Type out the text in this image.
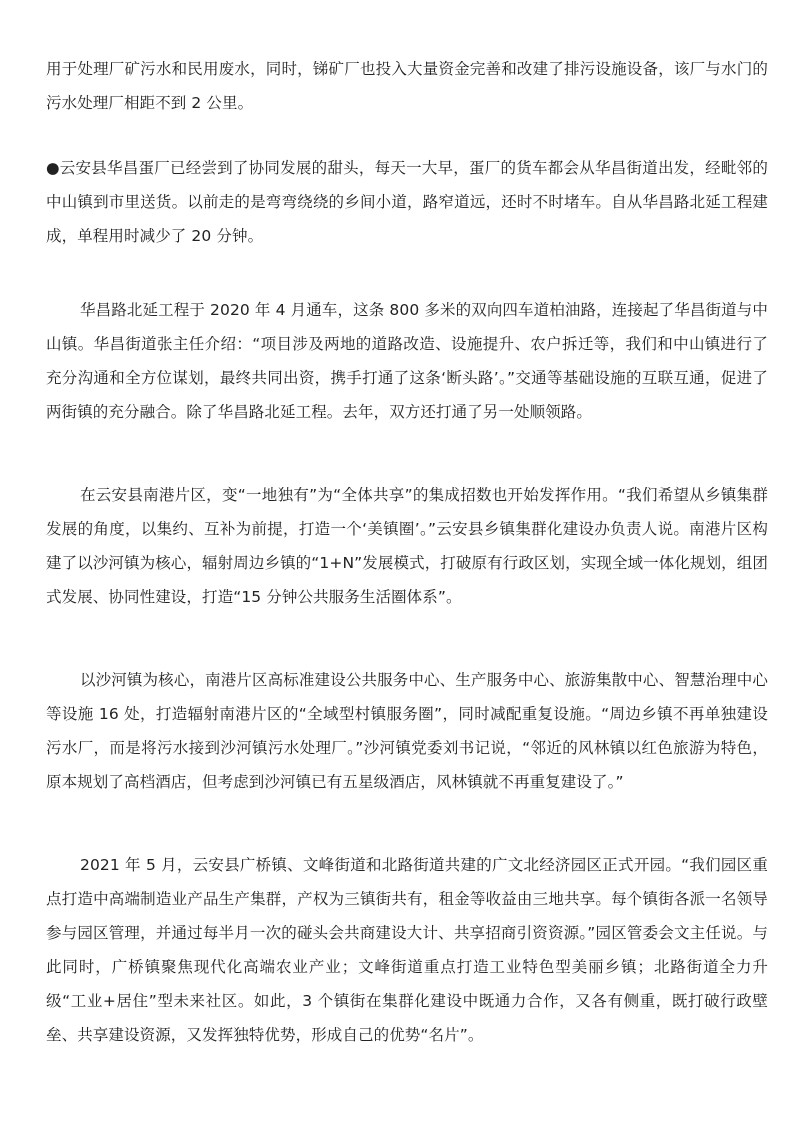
用于处理厂矿污水和民用废水，同时，锑矿厂也投入大量资金完善和改建了排污设施设备，该厂与水门的污水处理厂相距不到 2 公里。

●云安县华昌蛋厂已经尝到了协同发展的甜头，每天一大早，蛋厂的货车都会从华昌街道出发，经毗邻的中山镇到市里送货。以前走的是弯弯绕绕的乡间小道，路窄道远，还时不时堵车。自从华昌路北延工程建成，单程用时减少了 20 分钟。

华昌路北延工程于 2020 年 4 月通车，这条 800 多米的双向四车道柏油路，连接起了华昌街道与中山镇。华昌街道张主任介绍：“项目涉及两地的道路改造、设施提升、农户拆迁等，我们和中山镇进行了充分沟通和全方位谋划，最终共同出资，携手打通了这条‘断头路’。”交通等基础设施的互联互通，促进了两街镇的充分融合。除了华昌路北延工程。去年，双方还打通了另一处顺领路。

在云安县南港片区，变“一地独有”为“全体共享”的集成招数也开始发挥作用。“我们希望从乡镇集群发展的角度，以集约、互补为前提，打造一个‘美镇圈’。”云安县乡镇集群化建设办负责人说。南港片区构建了以沙河镇为核心，辐射周边乡镇的“1+N”发展模式，打破原有行政区划，实现全域一体化规划，组团式发展、协同性建设，打造“15 分钟公共服务生活圈体系”。

以沙河镇为核心，南港片区高标准建设公共服务中心、生产服务中心、旅游集散中心、智慧治理中心等设施 16 处，打造辐射南港片区的“全域型村镇服务圈”，同时减配重复设施。“周边乡镇不再单独建设污水厂，而是将污水接到沙河镇污水处理厂。”沙河镇党委刘书记说，“邻近的风林镇以红色旅游为特色，原本规划了高档酒店，但考虑到沙河镇已有五星级酒店，风林镇就不再重复建设了。”

2021 年 5 月，云安县广桥镇、文峰街道和北路街道共建的广文北经济园区正式开园。“我们园区重点打造中高端制造业产品生产集群，产权为三镇街共有，租金等收益由三地共享。每个镇街各派一名领导参与园区管理，并通过每半月一次的碰头会共商建设大计、共享招商引资资源。”园区管委会文主任说。与此同时，广桥镇聚焦现代化高端农业产业；文峰街道重点打造工业特色型美丽乡镇；北路街道全力升级“工业+居住”型未来社区。如此，3 个镇街在集群化建设中既通力合作，又各有侧重，既打破行政壁垒、共享建设资源，又发挥独特优势，形成自己的优势“名片”。
